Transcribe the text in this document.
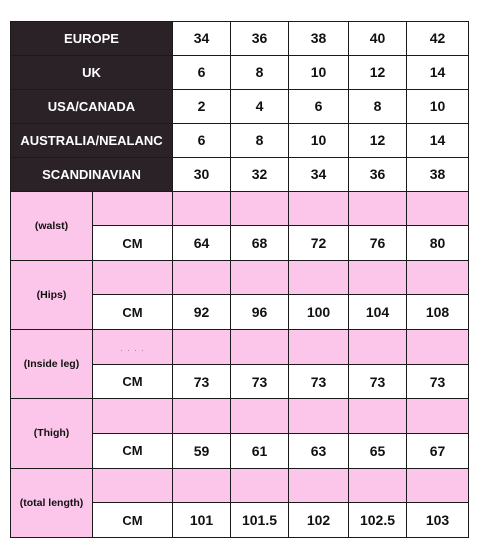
EUROPE		34	36	38	40	42
UK		6	8	10	12	14
USA/CANADA		2	4	6	8	10
AUSTRALIA/NEALANC		6	8	10	12	14
SCANDINAVIAN		30	32	34	36	38
(walst)						
	CM	64	68	72	76	80
(Hips)						
	CM	92	96	100	104	108
(Inside leg)	. . . .					
	CM	73	73	73	73	73
(Thigh)						
	CM	59	61	63	65	67
(total length)						
	CM	101	101.5	102	102.5	103
